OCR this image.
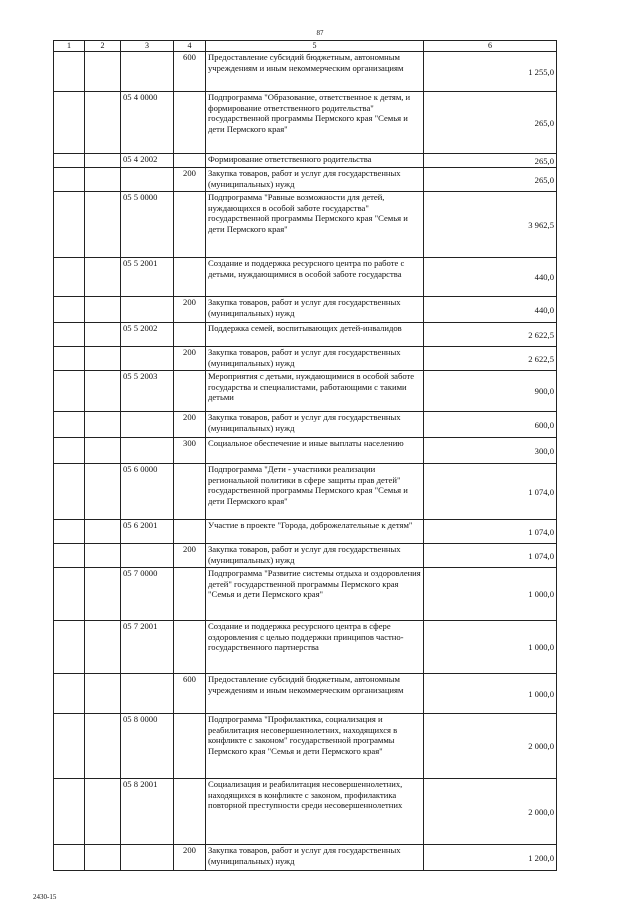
87
1	2	3	4	5	6
			600	Предоставление субсидий бюджетным, автономным учреждениям и иным некоммерческим организациям	1 255,0
		05 4 0000		Подпрограмма "Образование, ответственное к детям, и формирование ответственного родительства" государственной программы Пермского края "Семья и дети Пермского края"	265,0
		05 4 2002		Формирование ответственного родительства	265,0
			200	Закупка товаров, работ и услуг для государственных (муниципальных) нужд	265,0
		05 5 0000		Подпрограмма "Равные возможности для детей, нуждающихся в особой заботе государства" государственной программы Пермского края "Семья и дети Пермского края"	3 962,5
		05 5 2001		Создание и поддержка ресурсного центра по работе с детьми, нуждающимися в особой заботе государства	440,0
			200	Закупка товаров, работ и услуг для государственных (муниципальных) нужд	440,0
		05 5 2002		Поддержка семей, воспитывающих детей-инвалидов	2 622,5
			200	Закупка товаров, работ и услуг для государственных (муниципальных) нужд	2 622,5
		05 5 2003		Мероприятия с детьми, нуждающимися в особой заботе государства и специалистами, работающими с такими детьми	900,0
			200	Закупка товаров, работ и услуг для государственных (муниципальных) нужд	600,0
			300	Социальное обеспечение и иные выплаты населению	300,0
		05 6 0000		Подпрограмма "Дети - участники реализации региональной политики в сфере защиты прав детей" государственной программы Пермского края "Семья и дети Пермского края"	1 074,0
		05 6 2001		Участие в проекте "Города, доброжелательные к детям"	1 074,0
			200	Закупка товаров, работ и услуг для государственных (муниципальных) нужд	1 074,0
		05 7 0000		Подпрограмма "Развитие системы отдыха и оздоровления детей" государственной программы Пермского края "Семья и дети Пермского края"	1 000,0
		05 7 2001		Создание и поддержка ресурсного центра в сфере оздоровления с целью поддержки принципов частно-государственного партнерства	1 000,0
			600	Предоставление субсидий бюджетным, автономным учреждениям и иным некоммерческим организациям	1 000,0
		05 8 0000		Подпрограмма "Профилактика, социализация и реабилитация несовершеннолетних, находящихся в конфликте с законом" государственной программы Пермского края "Семья и дети Пермского края"	2 000,0
		05 8 2001		Социализация и реабилитация несовершеннолетних, находящихся в конфликте с законом, профилактика повторной преступности среди несовершеннолетних	2 000,0
			200	Закупка товаров, работ и услуг для государственных (муниципальных) нужд	1 200,0
2430-15
